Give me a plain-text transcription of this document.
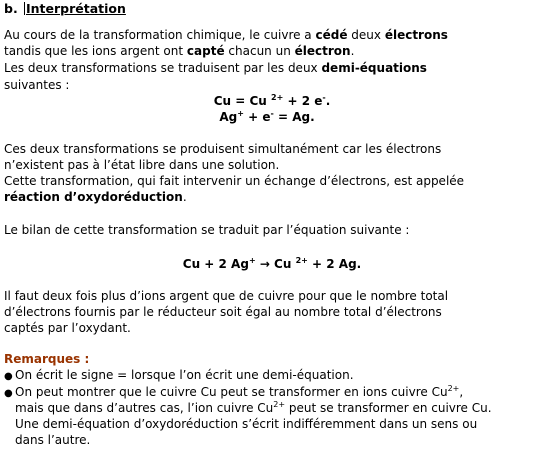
b. Interprétation
Au cours de la transformation chimique, le cuivre a cédé deux électrons
tandis que les ions argent ont capté chacun un électron.
Les deux transformations se traduisent par les deux demi-équations
suivantes :
Cu = Cu $^{2+}$ + 2 e-.
Ag+ + e- = Ag.
Ces deux transformations se produisent simultanément car les électrons
n’existent pas à l’état libre dans une solution.
Cette transformation, qui fait intervenir un échange d’électrons, est appelée
réaction d’oxydoréduction.
Le bilan de cette transformation se traduit par l’équation suivante :
Cu + 2 Ag+ → Cu $^{2+}$ + 2 Ag.
Il faut deux fois plus d’ions argent que de cuivre pour que le nombre total
d’électrons fournis par le réducteur soit égal au nombre total d’électrons
captés par l’oxydant.
Remarques :
● On écrit le signe = lorsque l’on écrit une demi-équation.
● On peut montrer que le cuivre Cu peut se transformer en ions cuivre $Cu^{2+}$,
mais que dans d’autres cas, l’ion cuivre $Cu^{2+}$ peut se transformer en cuivre Cu.
Une demi-équation d’oxydoréduction s’écrit indifféremment dans un sens ou
dans l’autre.
